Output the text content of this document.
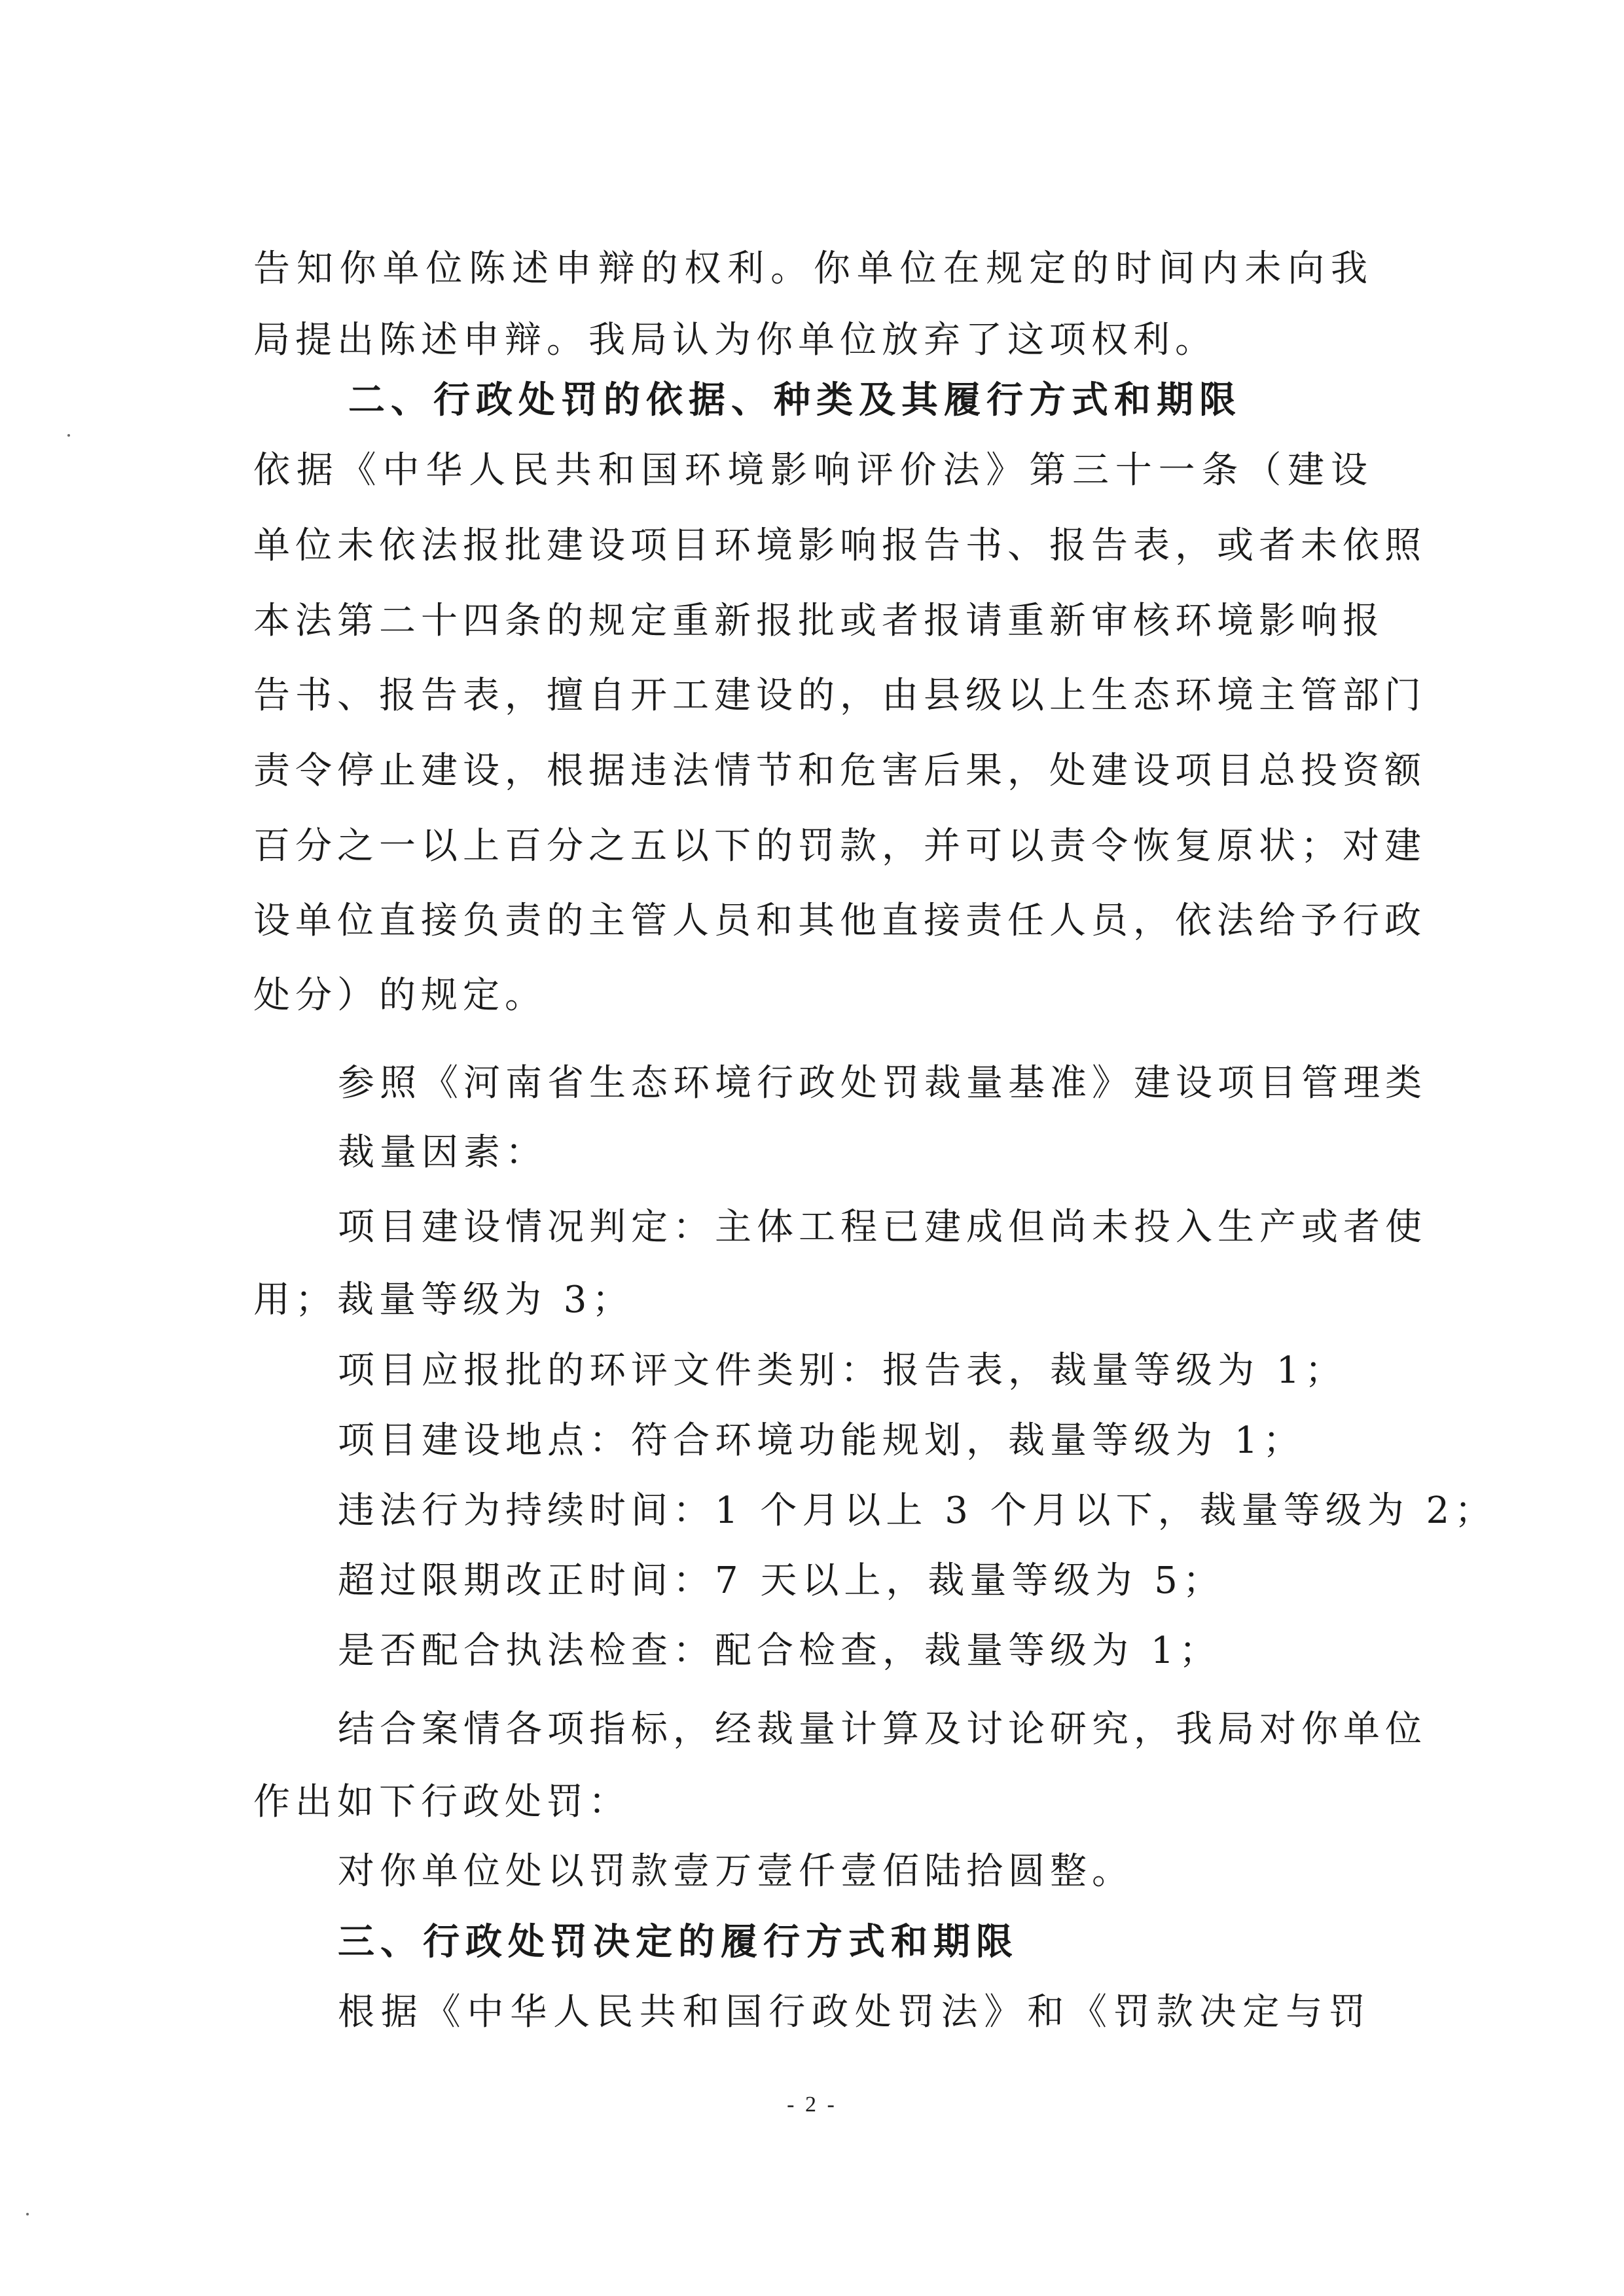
告知你单位陈述申辩的权利。你单位在规定的时间内未向我
局提出陈述申辩。我局认为你单位放弃了这项权利。
二、行政处罚的依据、种类及其履行方式和期限
依据《中华人民共和国环境影响评价法》第三十一条（建设
单位未依法报批建设项目环境影响报告书、报告表，或者未依照
本法第二十四条的规定重新报批或者报请重新审核环境影响报
告书、报告表，擅自开工建设的，由县级以上生态环境主管部门
责令停止建设，根据违法情节和危害后果，处建设项目总投资额
百分之一以上百分之五以下的罚款，并可以责令恢复原状；对建
设单位直接负责的主管人员和其他直接责任人员，依法给予行政
处分）的规定。
参照《河南省生态环境行政处罚裁量基准》建设项目管理类
裁量因素：
项目建设情况判定：主体工程已建成但尚未投入生产或者使
用；裁量等级为 3；
项目应报批的环评文件类别：报告表，裁量等级为 1；
项目建设地点：符合环境功能规划，裁量等级为 1；
违法行为持续时间：1 个月以上 3 个月以下，裁量等级为 2；
超过限期改正时间：7 天以上，裁量等级为 5；
是否配合执法检查：配合检查，裁量等级为 1；
结合案情各项指标，经裁量计算及讨论研究，我局对你单位
作出如下行政处罚：
对你单位处以罚款壹万壹仟壹佰陆拾圆整。
三、行政处罚决定的履行方式和期限
根据《中华人民共和国行政处罚法》和《罚款决定与罚
- 2 -
